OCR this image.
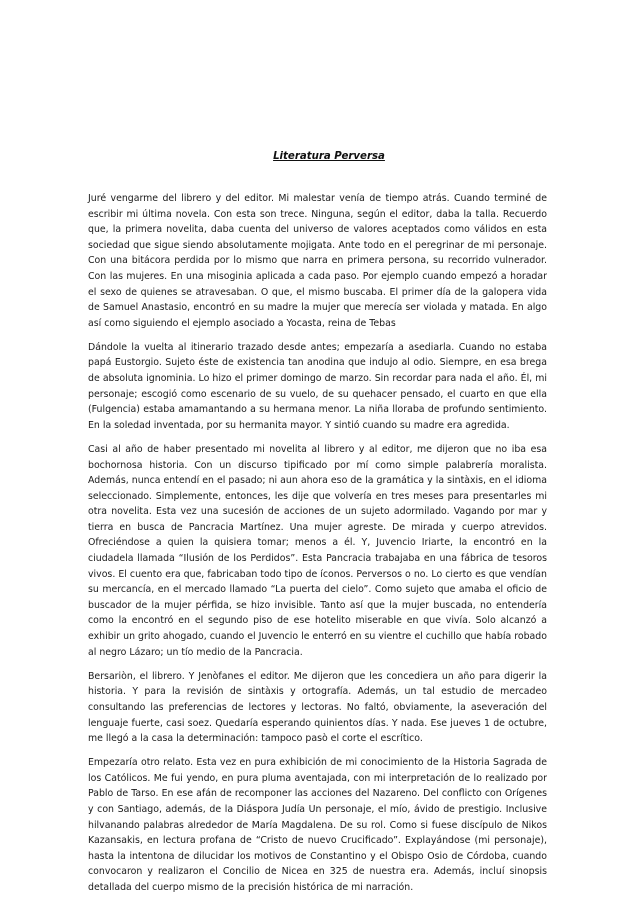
Literatura Perversa

Juré vengarme del librero y del editor. Mi malestar venía de tiempo atrás. Cuando terminé de escribir mi última novela. Con esta son trece. Ninguna, según el editor, daba la talla. Recuerdo que, la primera novelita, daba cuenta del universo de valores aceptados como válidos en esta sociedad que sigue siendo absolutamente mojigata. Ante todo en el peregrinar de mi personaje. Con una bitácora perdida por lo mismo que narra en primera persona, su recorrido vulnerador. Con las mujeres. En una misoginia aplicada a cada paso. Por ejemplo cuando empezó a horadar el sexo de quienes se atravesaban. O que, el mismo buscaba. El primer día de la galopera vida de Samuel Anastasio, encontró en su madre la mujer que merecía ser violada y matada. En algo así como siguiendo el ejemplo asociado a Yocasta, reina de Tebas

Dándole la vuelta al itinerario trazado desde antes; empezaría a asediarla. Cuando no estaba papá Eustorgio. Sujeto éste de existencia tan anodina que indujo al odio. Siempre, en esa brega de absoluta ignominia. Lo hizo el primer domingo de marzo. Sin recordar para nada el año. Él, mi personaje; escogió como escenario de su vuelo, de su quehacer pensado, el cuarto en que ella (Fulgencia) estaba amamantando a su hermana menor. La niña lloraba de profundo sentimiento. En la soledad inventada, por su hermanita mayor. Y sintió cuando su madre era agredida.

Casi al año de haber presentado mi novelita al librero y al editor, me dijeron que no iba esa bochornosa historia. Con un discurso tipificado por mí como simple palabrería moralista. Además, nunca entendí en el pasado; ni aun ahora eso de la gramática y la sintàxis, en el idioma seleccionado. Simplemente, entonces, les dije que volvería en tres meses para presentarles mi otra novelita. Esta vez una sucesión de acciones de un sujeto adormilado. Vagando por mar y tierra en busca de Pancracia Martínez. Una mujer agreste. De mirada y cuerpo atrevidos. Ofreciéndose a quien la quisiera tomar; menos a él. Y, Juvencio Iriarte, la encontró en la ciudadela llamada “Ilusión de los Perdidos”. Esta Pancracia trabajaba en una fábrica de tesoros vivos. El cuento era que, fabricaban todo tipo de íconos. Perversos o no. Lo cierto es que vendían su mercancía, en el mercado llamado “La puerta del cielo”. Como sujeto que amaba el oficio de buscador de la mujer pérfida, se hizo invisible. Tanto así que la mujer buscada, no entendería como la encontró en el segundo piso de ese hotelito miserable en que vivía. Solo alcanzó a exhibir un grito ahogado, cuando el Juvencio le enterró en su vientre el cuchillo que había robado al negro Lázaro; un tío medio de la Pancracia.

Bersariòn, el librero. Y Jenòfanes el editor. Me dijeron que les concediera un año para digerir la historia. Y para la revisión de sintàxis y ortografía. Además, un tal estudio de mercadeo consultando las preferencias de lectores y lectoras. No faltó, obviamente, la aseveración del lenguaje fuerte, casi soez. Quedaría esperando quinientos días. Y nada. Ese jueves 1 de octubre, me llegó a la casa la determinación: tampoco pasò el corte el escrítico.

Empezaría otro relato. Esta vez en pura exhibición de mi conocimiento de la Historia Sagrada de los Católicos. Me fui yendo, en pura pluma aventajada, con mi interpretación de lo realizado por Pablo de Tarso. En ese afán de recomponer las acciones del Nazareno. Del conflicto con Orígenes y con Santiago, además, de la Diáspora Judía Un personaje, el mío, ávido de prestigio. Inclusive hilvanando palabras alrededor de María Magdalena. De su rol. Como si fuese discípulo de Nikos Kazansakis, en lectura profana de “Cristo de nuevo Crucificado”. Explayándose (mi personaje), hasta la intentona de dilucidar los motivos de Constantino y el Obispo Osio de Córdoba, cuando convocaron y realizaron el Concilio de Nicea en 325 de nuestra era. Además, incluí sinopsis detallada del cuerpo mismo de la precisión histórica de mi narración.
